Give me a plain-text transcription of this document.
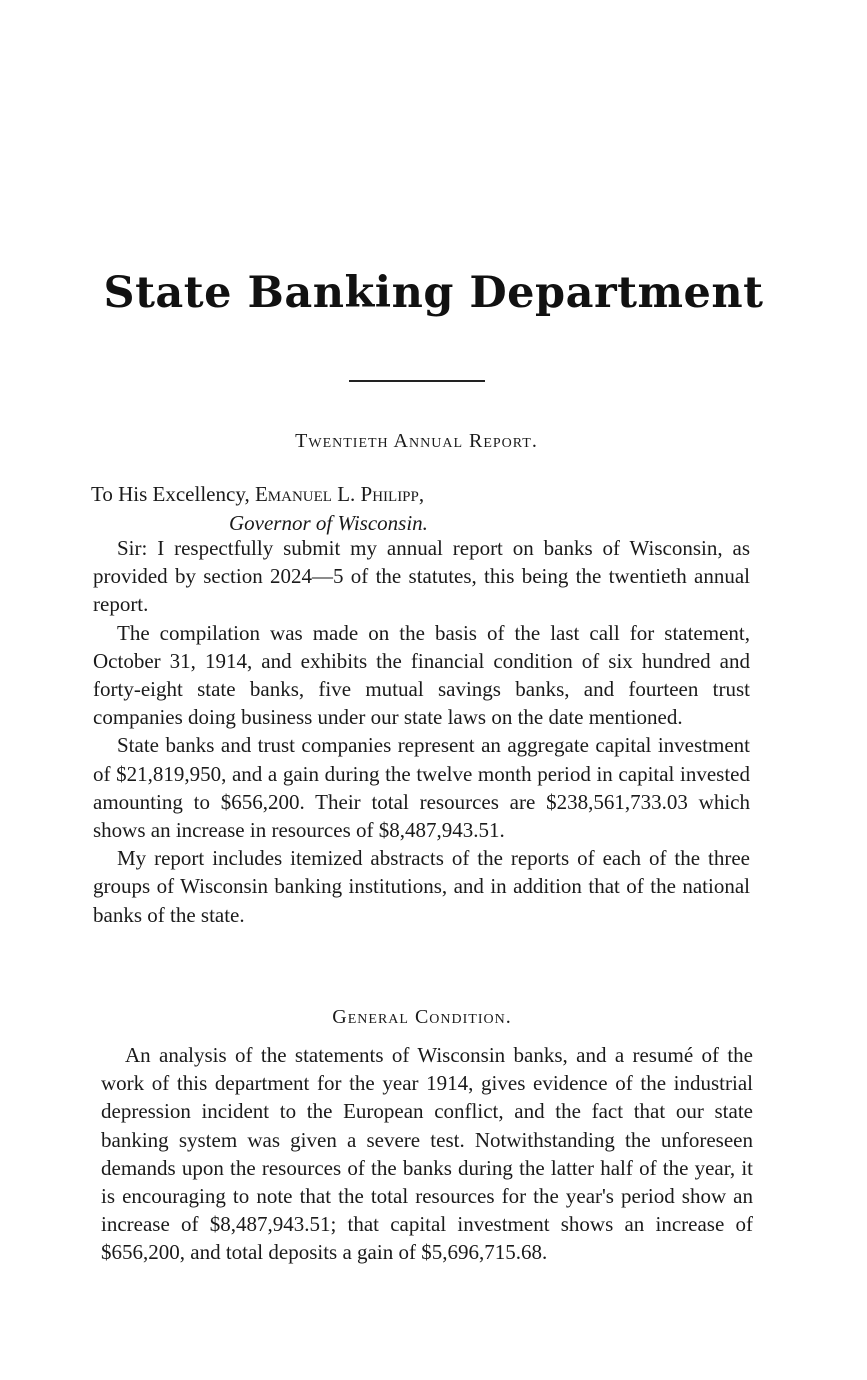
State Banking Department
Twentieth Annual Report.
To His Excellency, Emanuel L. Philipp,
Governor of Wisconsin.

Sir: I respectfully submit my annual report on banks of Wisconsin, as provided by section 2024—5 of the statutes, this being the twentieth annual report.

The compilation was made on the basis of the last call for statement, October 31, 1914, and exhibits the financial condition of six hundred and forty-eight state banks, five mutual savings banks, and fourteen trust companies doing business under our state laws on the date mentioned.

State banks and trust companies represent an aggregate capital investment of $21,819,950, and a gain during the twelve month period in capital invested amounting to $656,200. Their total resources are $238,561,733.03 which shows an increase in resources of $8,487,943.51.

My report includes itemized abstracts of the reports of each of the three groups of Wisconsin banking institutions, and in addition that of the national banks of the state.

General Condition.

An analysis of the statements of Wisconsin banks, and a resumé of the work of this department for the year 1914, gives evidence of the industrial depression incident to the European conflict, and the fact that our state banking system was given a severe test. Notwithstanding the unforeseen demands upon the resources of the banks during the latter half of the year, it is encouraging to note that the total resources for the year's period show an increase of $8,487,943.51; that capital investment shows an increase of $656,200, and total deposits a gain of $5,696,715.68.
